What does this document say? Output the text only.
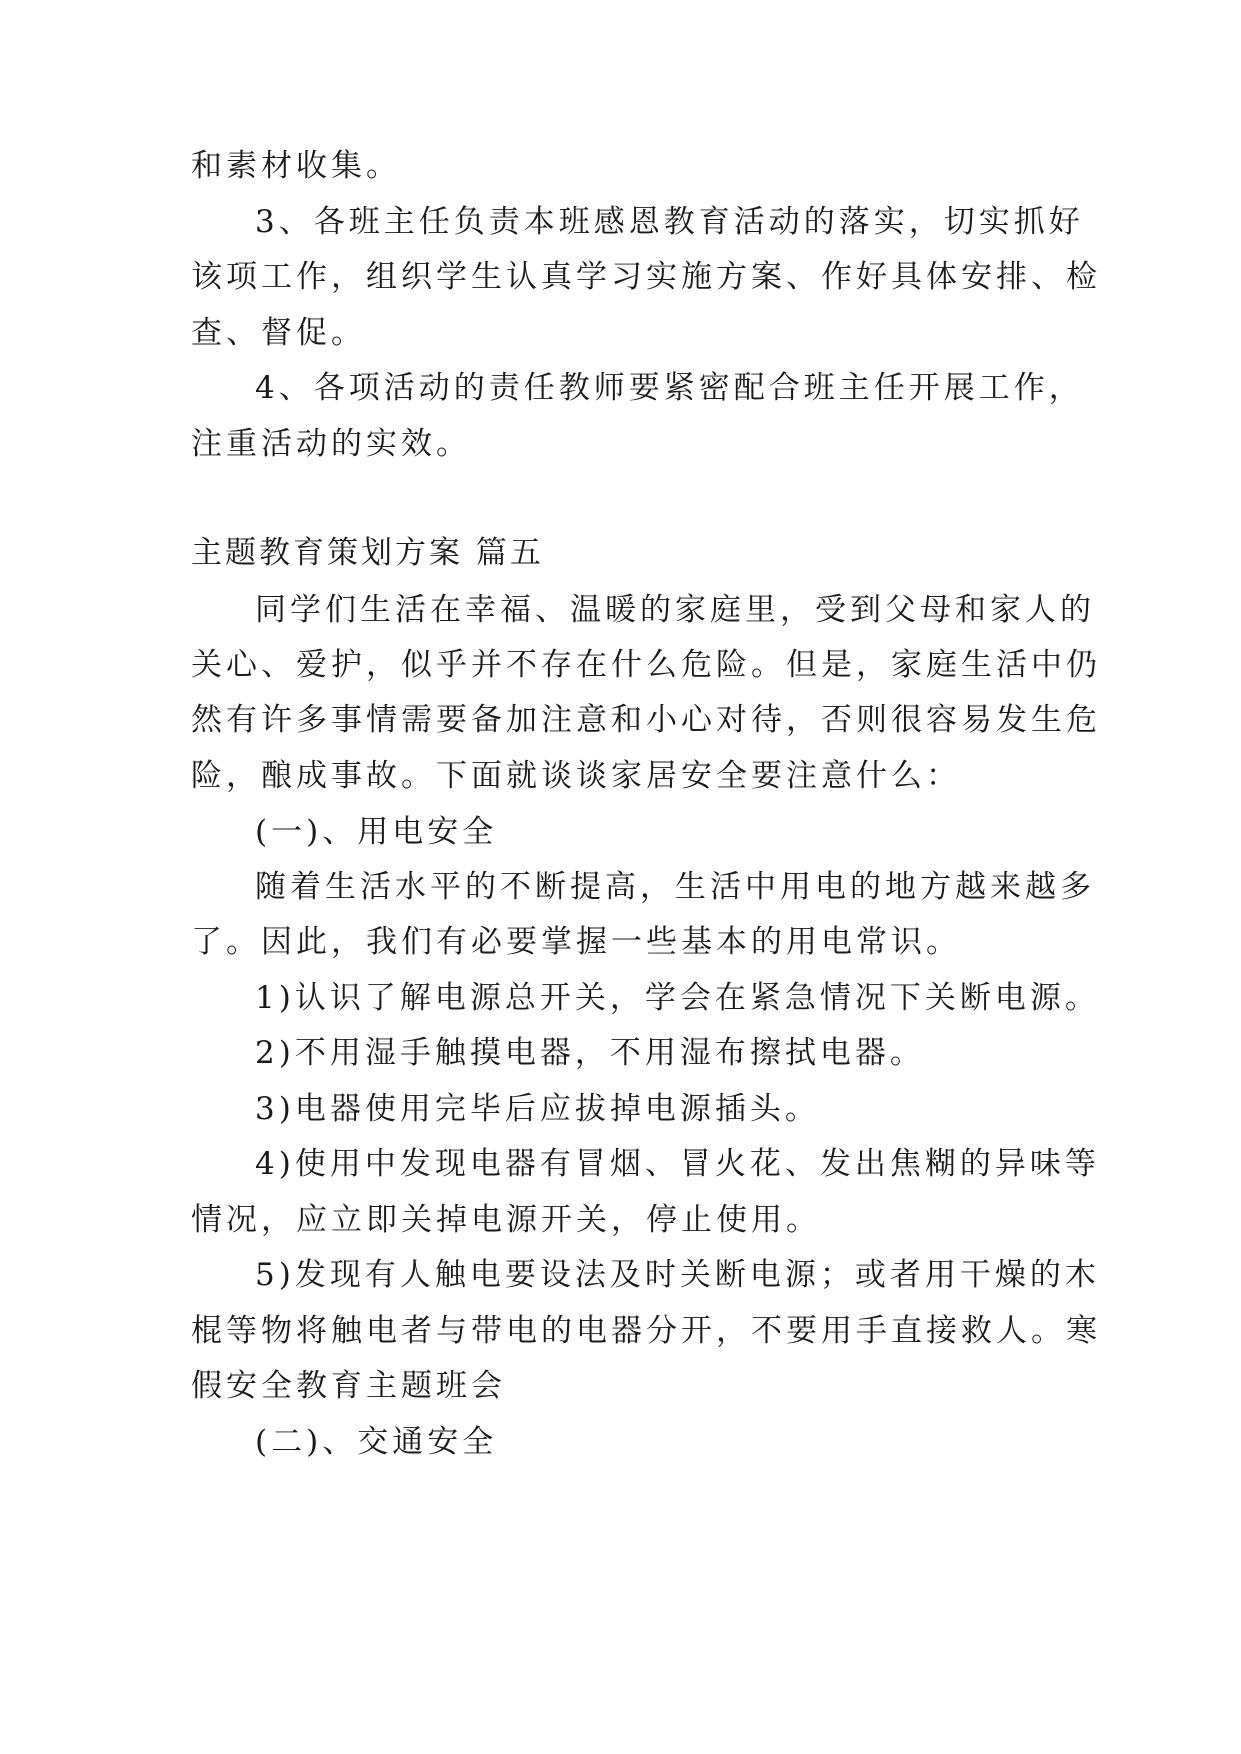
和素材收集。
3、各班主任负责本班感恩教育活动的落实，切实抓好
该项工作，组织学生认真学习实施方案、作好具体安排、检
查、督促。
4、各项活动的责任教师要紧密配合班主任开展工作，
注重活动的实效。
主题教育策划方案 篇五
同学们生活在幸福、温暖的家庭里，受到父母和家人的
关心、爱护，似乎并不存在什么危险。但是，家庭生活中仍
然有许多事情需要备加注意和小心对待，否则很容易发生危
险，酿成事故。下面就谈谈家居安全要注意什么：
(一)、用电安全
随着生活水平的不断提高，生活中用电的地方越来越多
了。因此，我们有必要掌握一些基本的用电常识。
1)认识了解电源总开关，学会在紧急情况下关断电源。
2)不用湿手触摸电器，不用湿布擦拭电器。
3)电器使用完毕后应拔掉电源插头。
4)使用中发现电器有冒烟、冒火花、发出焦糊的异味等
情况，应立即关掉电源开关，停止使用。
5)发现有人触电要设法及时关断电源；或者用干燥的木
棍等物将触电者与带电的电器分开，不要用手直接救人。寒
假安全教育主题班会
(二)、交通安全
